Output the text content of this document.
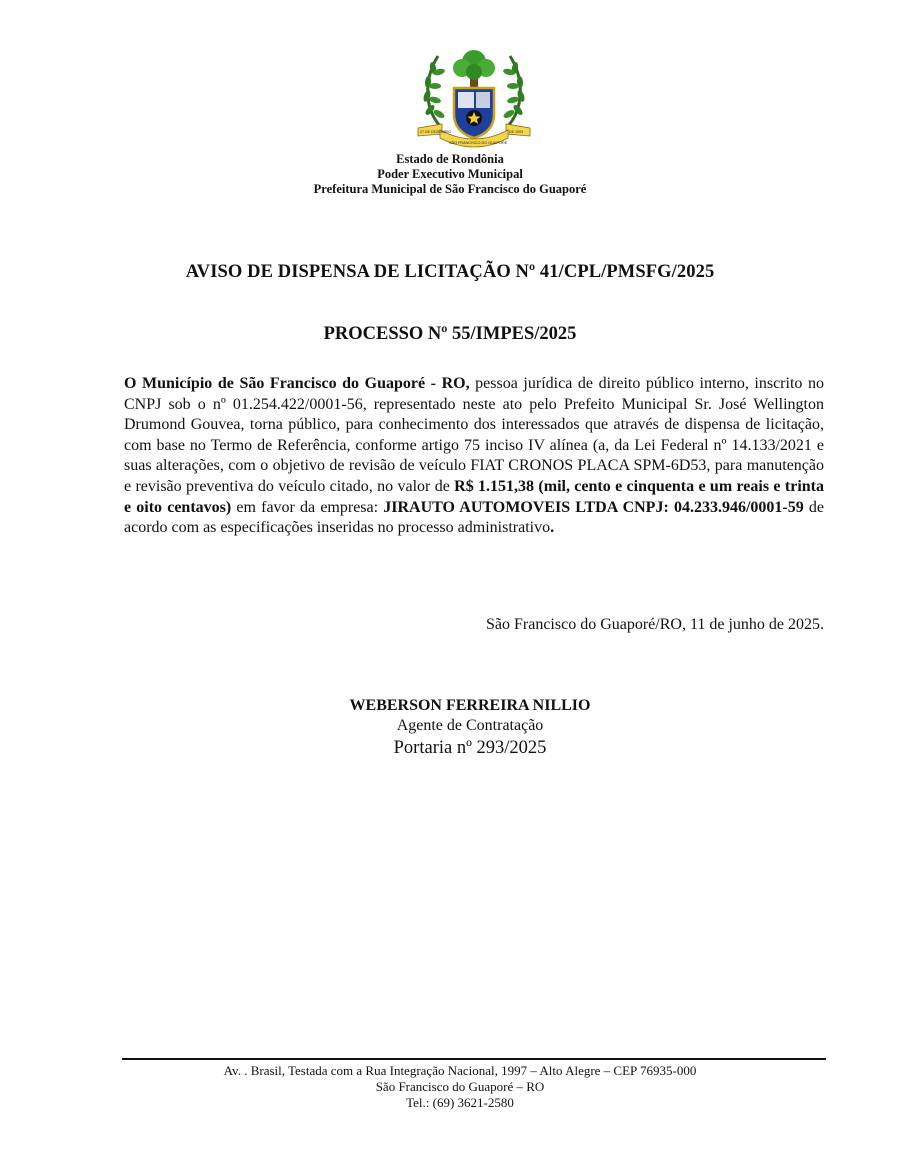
27 DE DEZEMBRO	DE 1993
SÃO FRANCISCO DO GUAPORÉ
Estado de Rondônia
Poder Executivo Municipal
Prefeitura Municipal de São Francisco do Guaporé
AVISO DE DISPENSA DE LICITAÇÃO Nº 41/CPL/PMSFG/2025
PROCESSO Nº 55/IMPES/2025
O Município de São Francisco do Guaporé - RO, pessoa jurídica de direito público interno, inscrito no CNPJ sob o nº 01.254.422/0001-56, representado neste ato pelo Prefeito Municipal Sr. José Wellington Drumond Gouvea, torna público, para conhecimento dos interessados que através de dispensa de licitação, com base no Termo de Referência, conforme artigo 75 inciso IV alínea (a, da Lei Federal nº 14.133/2021 e suas alterações, com o objetivo de revisão de veículo FIAT CRONOS PLACA SPM-6D53, para manutenção e revisão preventiva do veículo citado, no valor de R$ 1.151,38 (mil, cento e cinquenta e um reais e trinta e oito centavos) em favor da empresa: JIRAUTO AUTOMOVEIS LTDA CNPJ: 04.233.946/0001-59 de acordo com as especificações inseridas no processo administrativo.
São Francisco do Guaporé/RO, 11 de junho de 2025.
WEBERSON FERREIRA NILLIO
Agente de Contratação
Portaria nº 293/2025
Av. . Brasil, Testada com a Rua Integração Nacional, 1997 – Alto Alegre – CEP 76935-000
São Francisco do Guaporé – RO
Tel.: (69) 3621-2580
